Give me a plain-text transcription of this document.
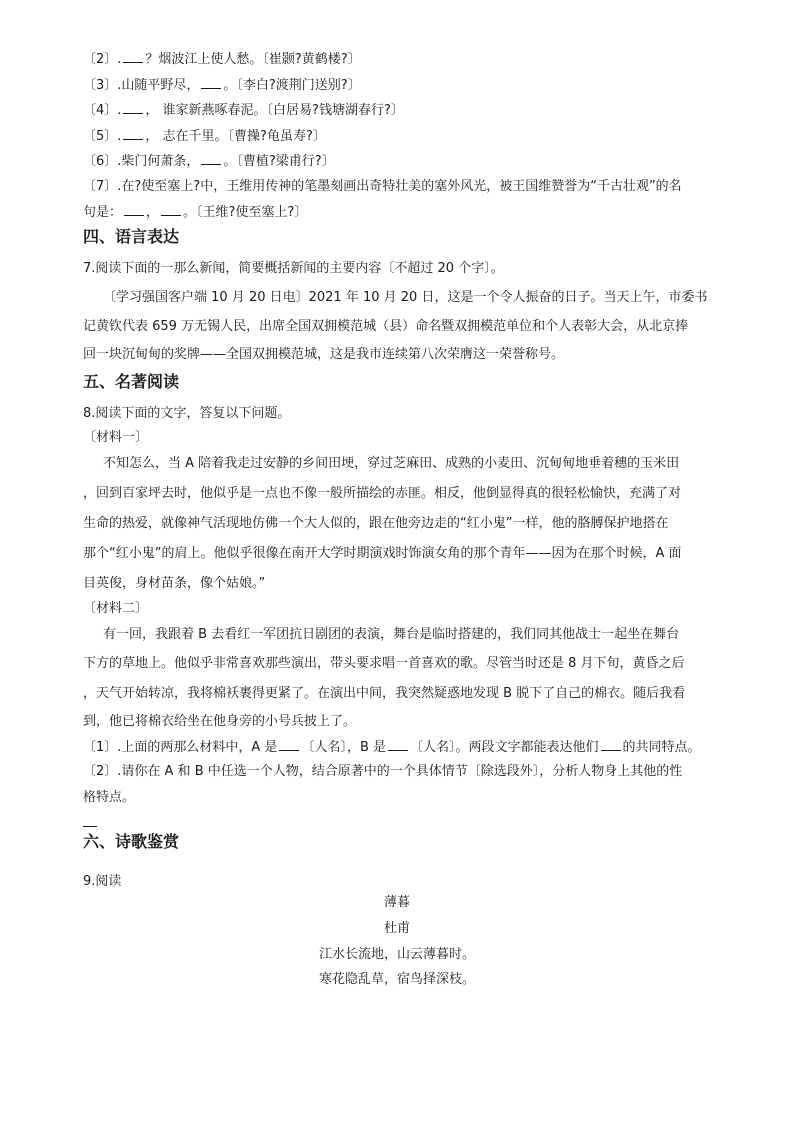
〔2〕. ？烟波江上使人愁。〔崔颢?黄鹤楼?〕
〔3〕.山随平野尽， 。〔李白?渡荆门送别?〕
〔4〕. ， 谁家新燕啄春泥。〔白居易?钱塘湖春行?〕
〔5〕. ， 志在千里。〔曹操?龟虽寿?〕
〔6〕.柴门何萧条， 。〔曹植?梁甫行?〕
〔7〕.在?使至塞上?中，王维用传神的笔墨刻画出奇特壮美的塞外风光，被王国维赞誉为“千古壮观”的名
句是： ， 。〔王维?使至塞上?〕
四、语言表达
7.阅读下面的一那么新闻，简要概括新闻的主要内容〔不超过 20 个字〕。
〔学习强国客户端 10 月 20 日电〕2021 年 10 月 20 日，这是一个令人振奋的日子。当天上午，市委书
记黄钦代表 659 万无锡人民，出席全国双拥模范城（县）命名暨双拥模范单位和个人表彰大会，从北京捧
回一块沉甸甸的奖牌——全国双拥模范城，这是我市连续第八次荣膺这一荣誉称号。
五、名著阅读
8.阅读下面的文字，答复以下问题。
〔材料一〕
不知怎么，当 A 陪着我走过安静的乡间田埂，穿过芝麻田、成熟的小麦田、沉甸甸地垂着穗的玉米田
，回到百家坪去时，他似乎是一点也不像一般所描绘的赤匪。相反，他倒显得真的很轻松愉快，充满了对
生命的热爱，就像神气活现地仿佛一个大人似的，跟在他旁边走的“红小鬼”一样，他的胳膊保护地搭在
那个“红小鬼”的肩上。他似乎很像在南开大学时期演戏时饰演女角的那个青年——因为在那个时候，A 面
目英俊，身材苗条，像个姑娘。”
〔材料二〕
有一回，我跟着 B 去看红一军团抗日剧团的表演，舞台是临时搭建的，我们同其他战士一起坐在舞台
下方的草地上。他似乎非常喜欢那些演出，带头要求唱一首喜欢的歌。尽管当时还是 8 月下旬，黄昏之后
，天气开始转凉，我将棉袄裹得更紧了。在演出中间，我突然疑惑地发现 B 脱下了自己的棉衣。随后我看
到，他已将棉衣给坐在他身旁的小号兵披上了。
〔1〕.上面的两那么材料中，A 是 〔人名〕，B 是 〔人名〕。两段文字都能表达他们 的共同特点。
〔2〕.请你在 A 和 B 中任选一个人物，结合原著中的一个具体情节〔除选段外〕，分析人物身上其他的性
格特点。
六、诗歌鉴赏
9.阅读
薄暮
杜甫
江水长流地，山云薄暮时。
寒花隐乱草，宿鸟择深枝。
